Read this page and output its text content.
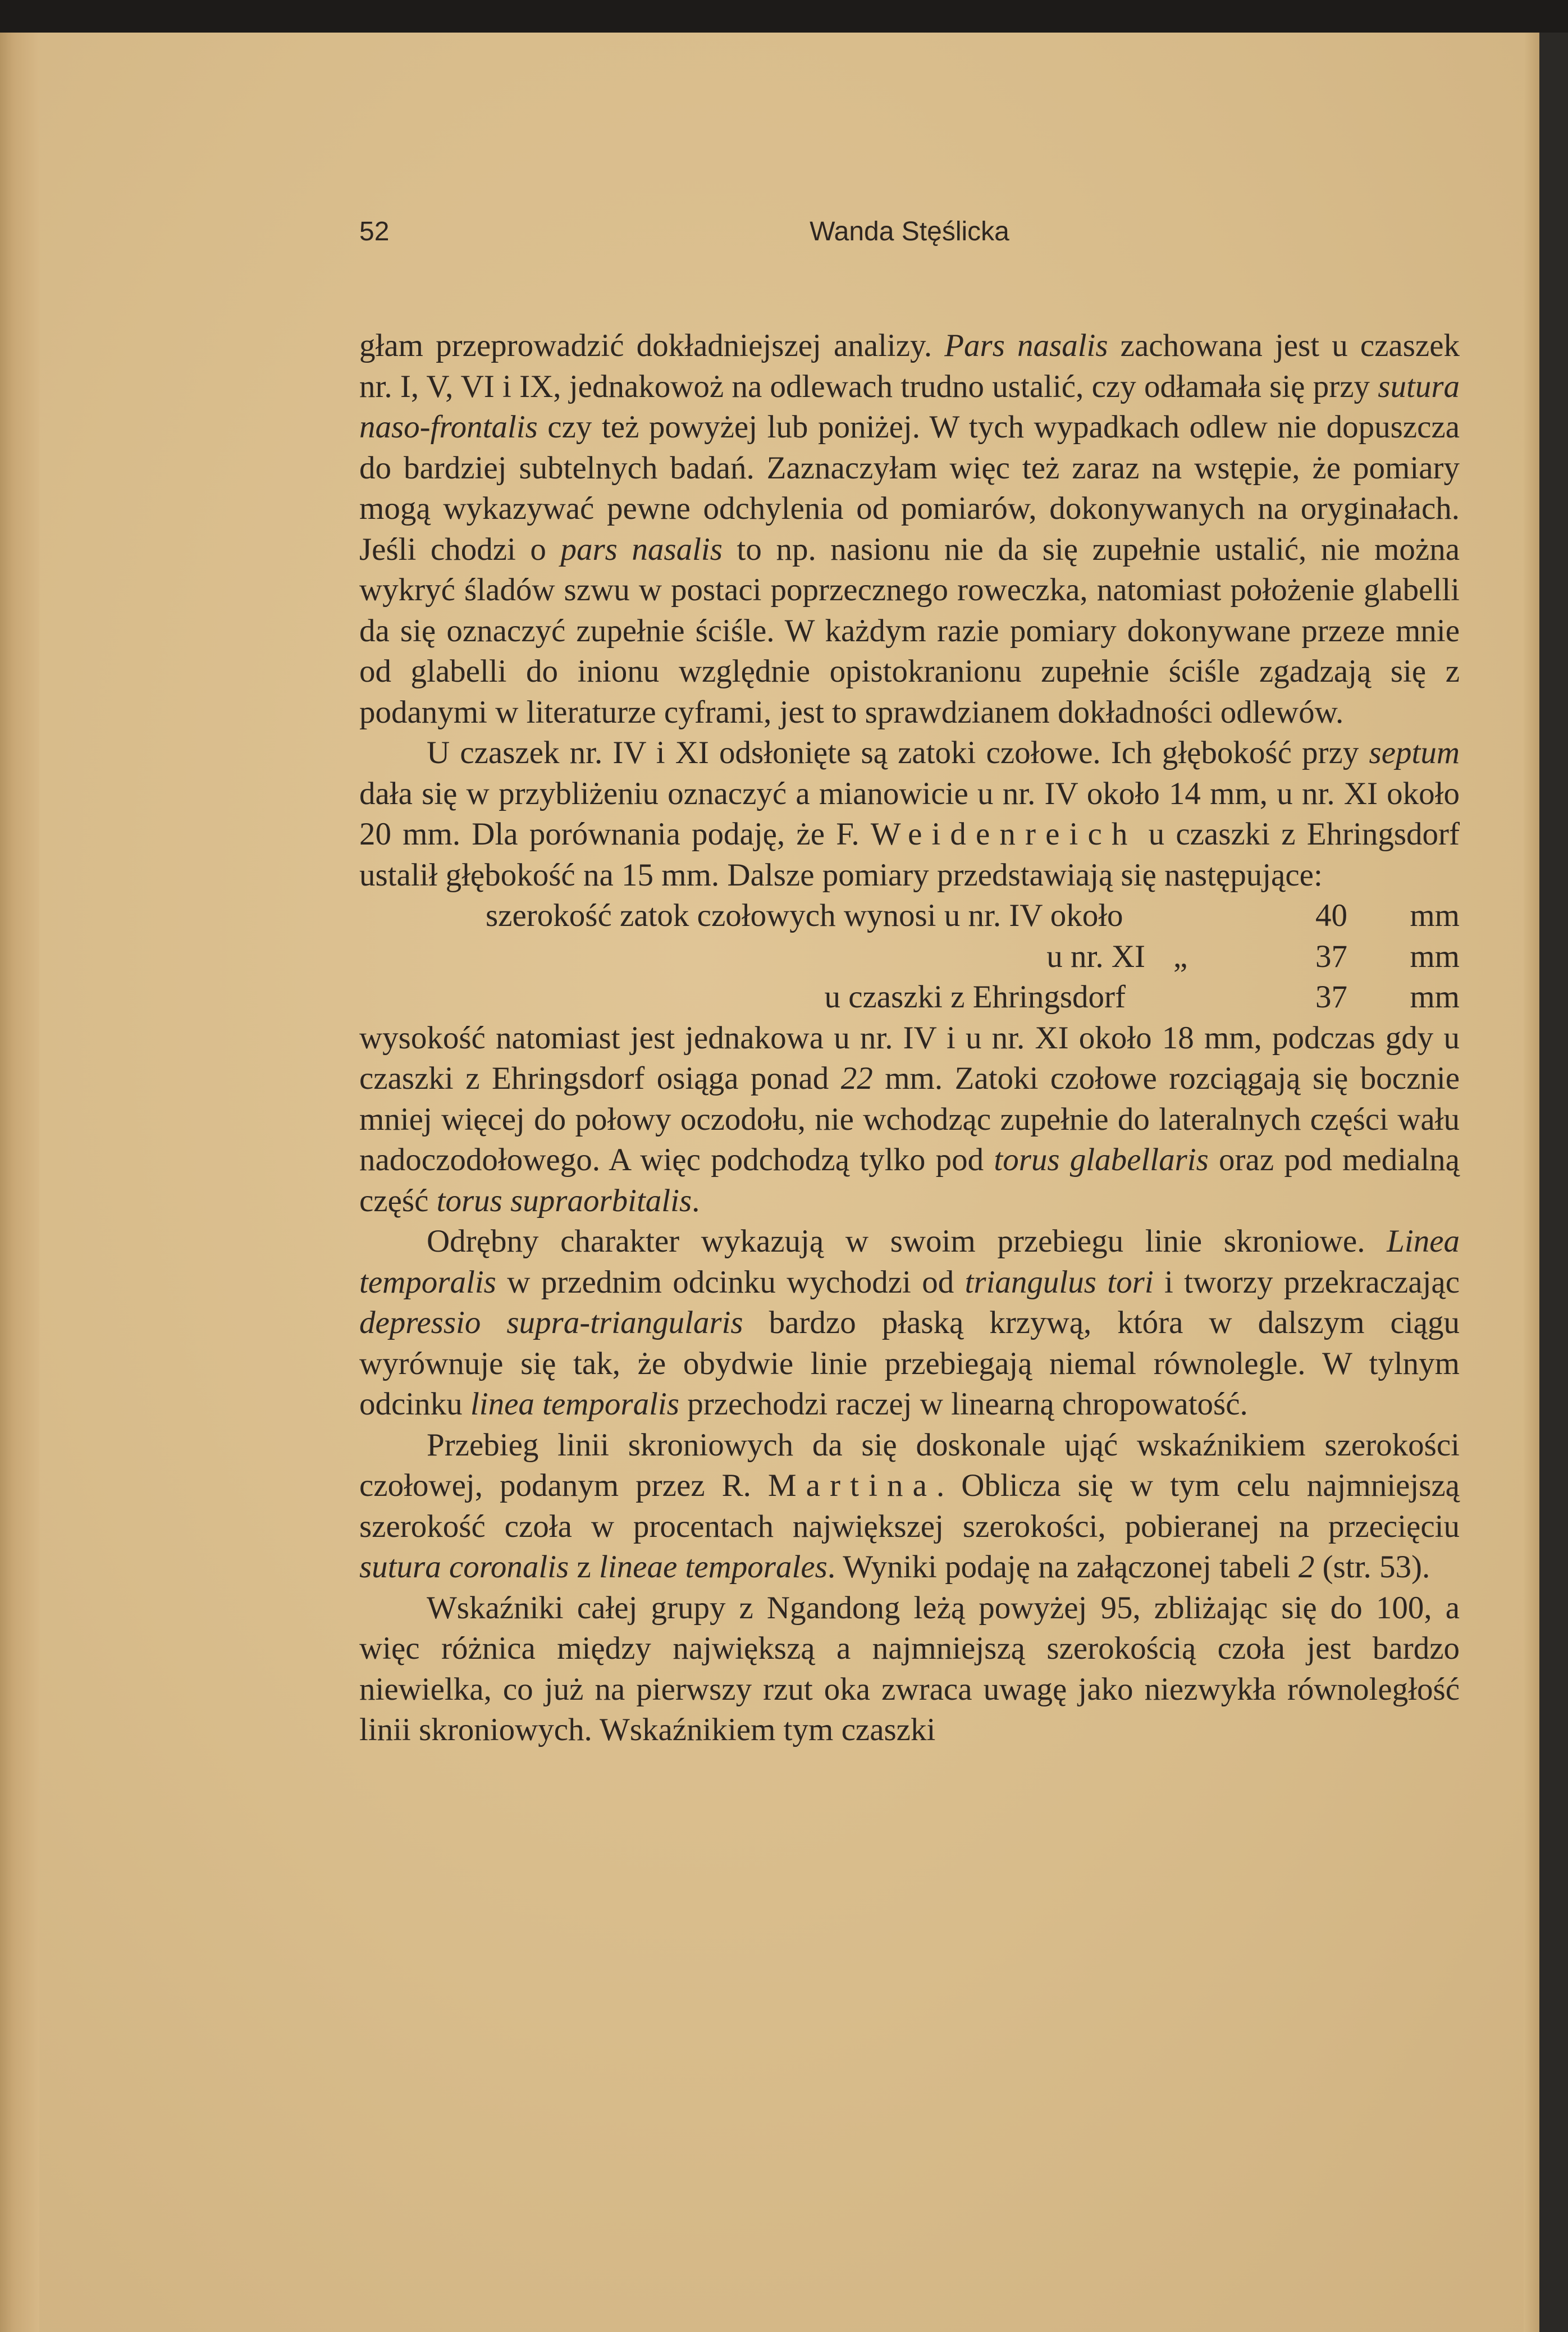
52	Wanda Stęślicka

głam przeprowadzić dokładniejszej analizy. Pars nasalis zachowana jest u czaszek nr. I, V, VI i IX, jednakowoż na odlewach trudno ustalić, czy odłamała się przy sutura naso-frontalis czy też powyżej lub poniżej. W tych wypadkach odlew nie dopuszcza do bardziej subtelnych badań. Zaznaczyłam więc też zaraz na wstępie, że pomiary mogą wykazywać pewne odchylenia od pomiarów, dokonywanych na oryginałach. Jeśli chodzi o pars nasalis to np. nasionu nie da się zupełnie ustalić, nie można wykryć śladów szwu w postaci poprzecznego roweczka, natomiast położenie glabelli da się oznaczyć zupełnie ściśle. W każdym razie pomiary dokonywane przeze mnie od glabelli do inionu względnie opistokranionu zupełnie ściśle zgadzają się z podanymi w literaturze cyframi, jest to sprawdzianem dokładności odlewów.

U czaszek nr. IV i XI odsłonięte są zatoki czołowe. Ich głębokość przy septum dała się w przybliżeniu oznaczyć a mianowicie u nr. IV około 14 mm, u nr. XI około 20 mm. Dla porównania podaję, że F. Weidenreich u czaszki z Ehringsdorf ustalił głębokość na 15 mm. Dalsze pomiary przedstawiają się następujące:

szerokość zatok czołowych wynosi u nr. IV około	40 mm
u nr. XI „	37 mm
u czaszki z Ehringsdorf	37 mm

wysokość natomiast jest jednakowa u nr. IV i u nr. XI około 18 mm, podczas gdy u czaszki z Ehringsdorf osiąga ponad 22 mm. Zatoki czołowe rozciągają się bocznie mniej więcej do połowy oczodołu, nie wchodząc zupełnie do lateralnych części wału nadoczodołowego. A więc podchodzą tylko pod torus glabellaris oraz pod medialną część torus supraorbitalis.

Odrębny charakter wykazują w swoim przebiegu linie skroniowe. Linea temporalis w przednim odcinku wychodzi od triangulus tori i tworzy przekraczając depressio supra-triangularis bardzo płaską krzywą, która w dalszym ciągu wyrównuje się tak, że obydwie linie przebiegają niemal równolegle. W tylnym odcinku linea temporalis przechodzi raczej w linearną chropowatość.

Przebieg linii skroniowych da się doskonale ująć wskaźnikiem szerokości czołowej, podanym przez R. Martina. Oblicza się w tym celu najmniejszą szerokość czoła w procentach największej szerokości, pobieranej na przecięciu sutura coronalis z lineae temporales. Wyniki podaję na załączonej tabeli 2 (str. 53).

Wskaźniki całej grupy z Ngandong leżą powyżej 95, zbliżając się do 100, a więc różnica między największą a najmniejszą szerokością czoła jest bardzo niewielka, co już na pierwszy rzut oka zwraca uwagę jako niezwykła równoległość linii skroniowych. Wskaźnikiem tym czaszki
